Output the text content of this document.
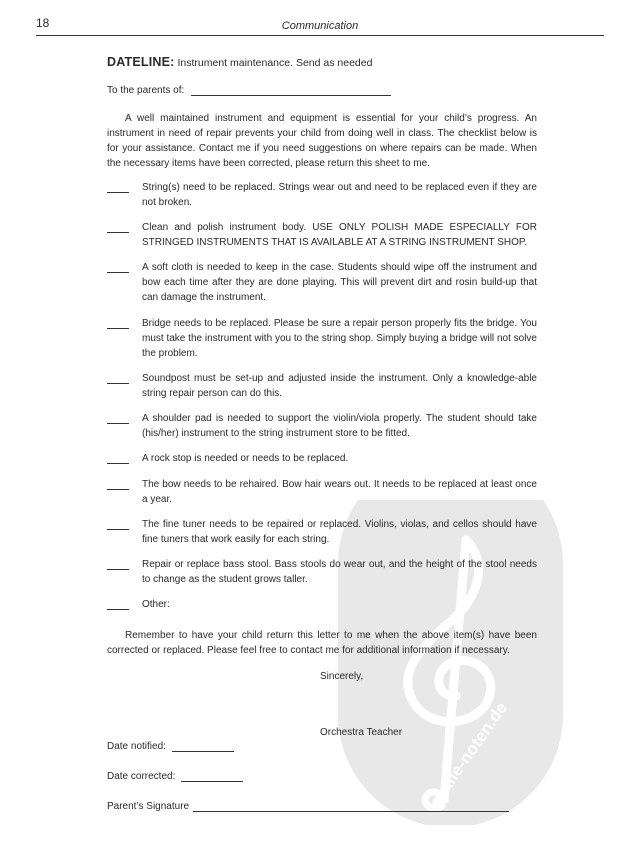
18	Communication
DATELINE: Instrument maintenance. Send as needed
To the parents of:

A well maintained instrument and equipment is essential for your child’s progress. An instrument in need of repair prevents your child from doing well in class. The checklist below is for your assistance. Contact me if you need suggestions on where repairs can be made. When the necessary items have been corrected, please return this sheet to me.

String(s) need to be replaced. Strings wear out and need to be replaced even if they are not broken.
Clean and polish instrument body. USE ONLY POLISH MADE ESPECIALLY FOR STRINGED INSTRUMENTS THAT IS AVAILABLE AT A STRING INSTRUMENT SHOP.
A soft cloth is needed to keep in the case. Students should wipe off the instrument and bow each time after they are done playing. This will prevent dirt and rosin build-up that can damage the instrument.
Bridge needs to be replaced. Please be sure a repair person properly fits the bridge. You must take the instrument with you to the string shop. Simply buying a bridge will not solve the problem.
Soundpost must be set-up and adjusted inside the instrument. Only a knowledge-able string repair person can do this.
A shoulder pad is needed to support the violin/viola properly. The student should take (his/her) instrument to the string instrument store to be fitted.
A rock stop is needed or needs to be replaced.
The bow needs to be rehaired. Bow hair wears out. It needs to be replaced at least once a year.
The fine tuner needs to be repaired or replaced. Violins, violas, and cellos should have fine tuners that work easily for each string.
Repair or replace bass stool. Bass stools do wear out, and the height of the stool needs to change as the student grows taller.
Other:

Remember to have your child return this letter to me when the above item(s) have been corrected or replaced. Please feel free to contact me for additional information if necessary.

Sincerely,
Orchestra Teacher
Date notified:
Date corrected:
Parent’s Signature
